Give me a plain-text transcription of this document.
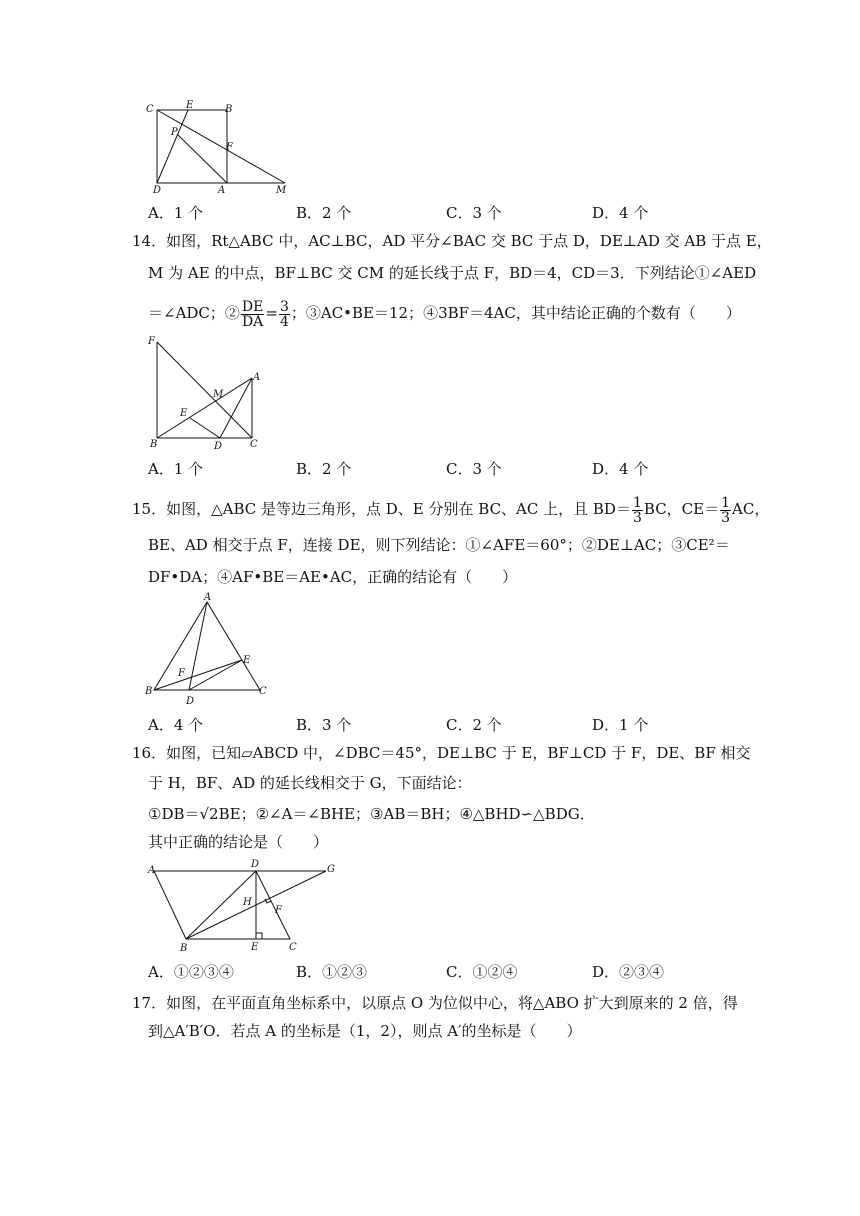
C	E	B
P
F
D	A	M
A．1 个	B．2 个	C．3 个	D．4 个
14．如图，Rt△ABC 中，AC⊥BC，AD 平分∠BAC 交 BC 于点 D，DE⊥AD 交 AB 于点 E，
M 为 AE 的中点，BF⊥BC 交 CM 的延长线于点 F，BD＝4，CD＝3．下列结论①∠AED
＝∠ADC；② $\frac{DE}{DA} = \frac{3}{4}$ ；③AC•BE＝12；④3BF＝4AC，其中结论正确的个数有（　　）
F
A
M
E
B	D	C
A．1 个	B．2 个	C．3 个	D．4 个
15．如图，△ABC 是等边三角形，点 D、E 分别在 BC、AC 上，且 $BD= \frac{1}{3}$ BC，$CE= \frac{1}{3}$ AC，
BE、AD 相交于点 F，连接 DE，则下列结论：①∠AFE＝60°；②DE⊥AC；③CE²＝
DF•DA；④AF•BE＝AE•AC，正确的结论有（　　）
A
E
F
B
D
C
A．4 个	B．3 个	C．2 个	D．1 个
16．如图，已知▱ABCD 中，∠DBC＝45°，DE⊥BC 于 E，BF⊥CD 于 F，DE、BF 相交
于 H，BF、AD 的延长线相交于 G，下面结论：
①DB＝√2BE；②∠A＝∠BHE；③AB＝BH；④△BHD∽△BDG．
其中正确的结论是（　　）
A
D	G
H
F
B	E	C
A．①②③④	B．①②③	C．①②④	D．②③④
17．如图，在平面直角坐标系中，以原点 O 为位似中心，将△ABO 扩大到原来的 2 倍，得
到△A′B′O．若点 A 的坐标是（1，2），则点 A′的坐标是（　　）
